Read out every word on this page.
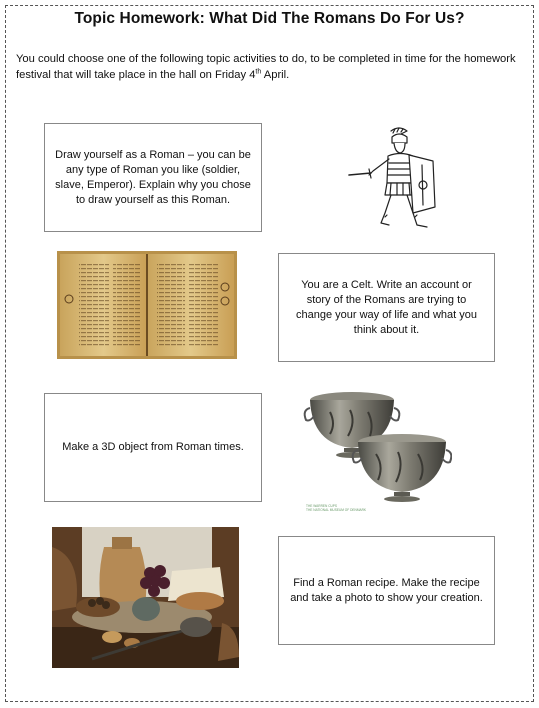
Topic Homework: What Did The Romans Do For Us?
You could choose one of the following topic activities to do, to be completed in time for the homework festival that will take place in the hall on Friday 4th April.
Draw yourself as a Roman – you can be any type of Roman you like (soldier, slave, Emperor). Explain why you chose to draw yourself as this Roman.
You are a Celt. Write an account or story of the Romans are trying to change your way of life and what you think about it.
Make a 3D object from Roman times.
Find a Roman recipe. Make the recipe and take a photo to show your creation.
THE WARREN CUPS
THE NATIONAL MUSEUM OF DENMARK
